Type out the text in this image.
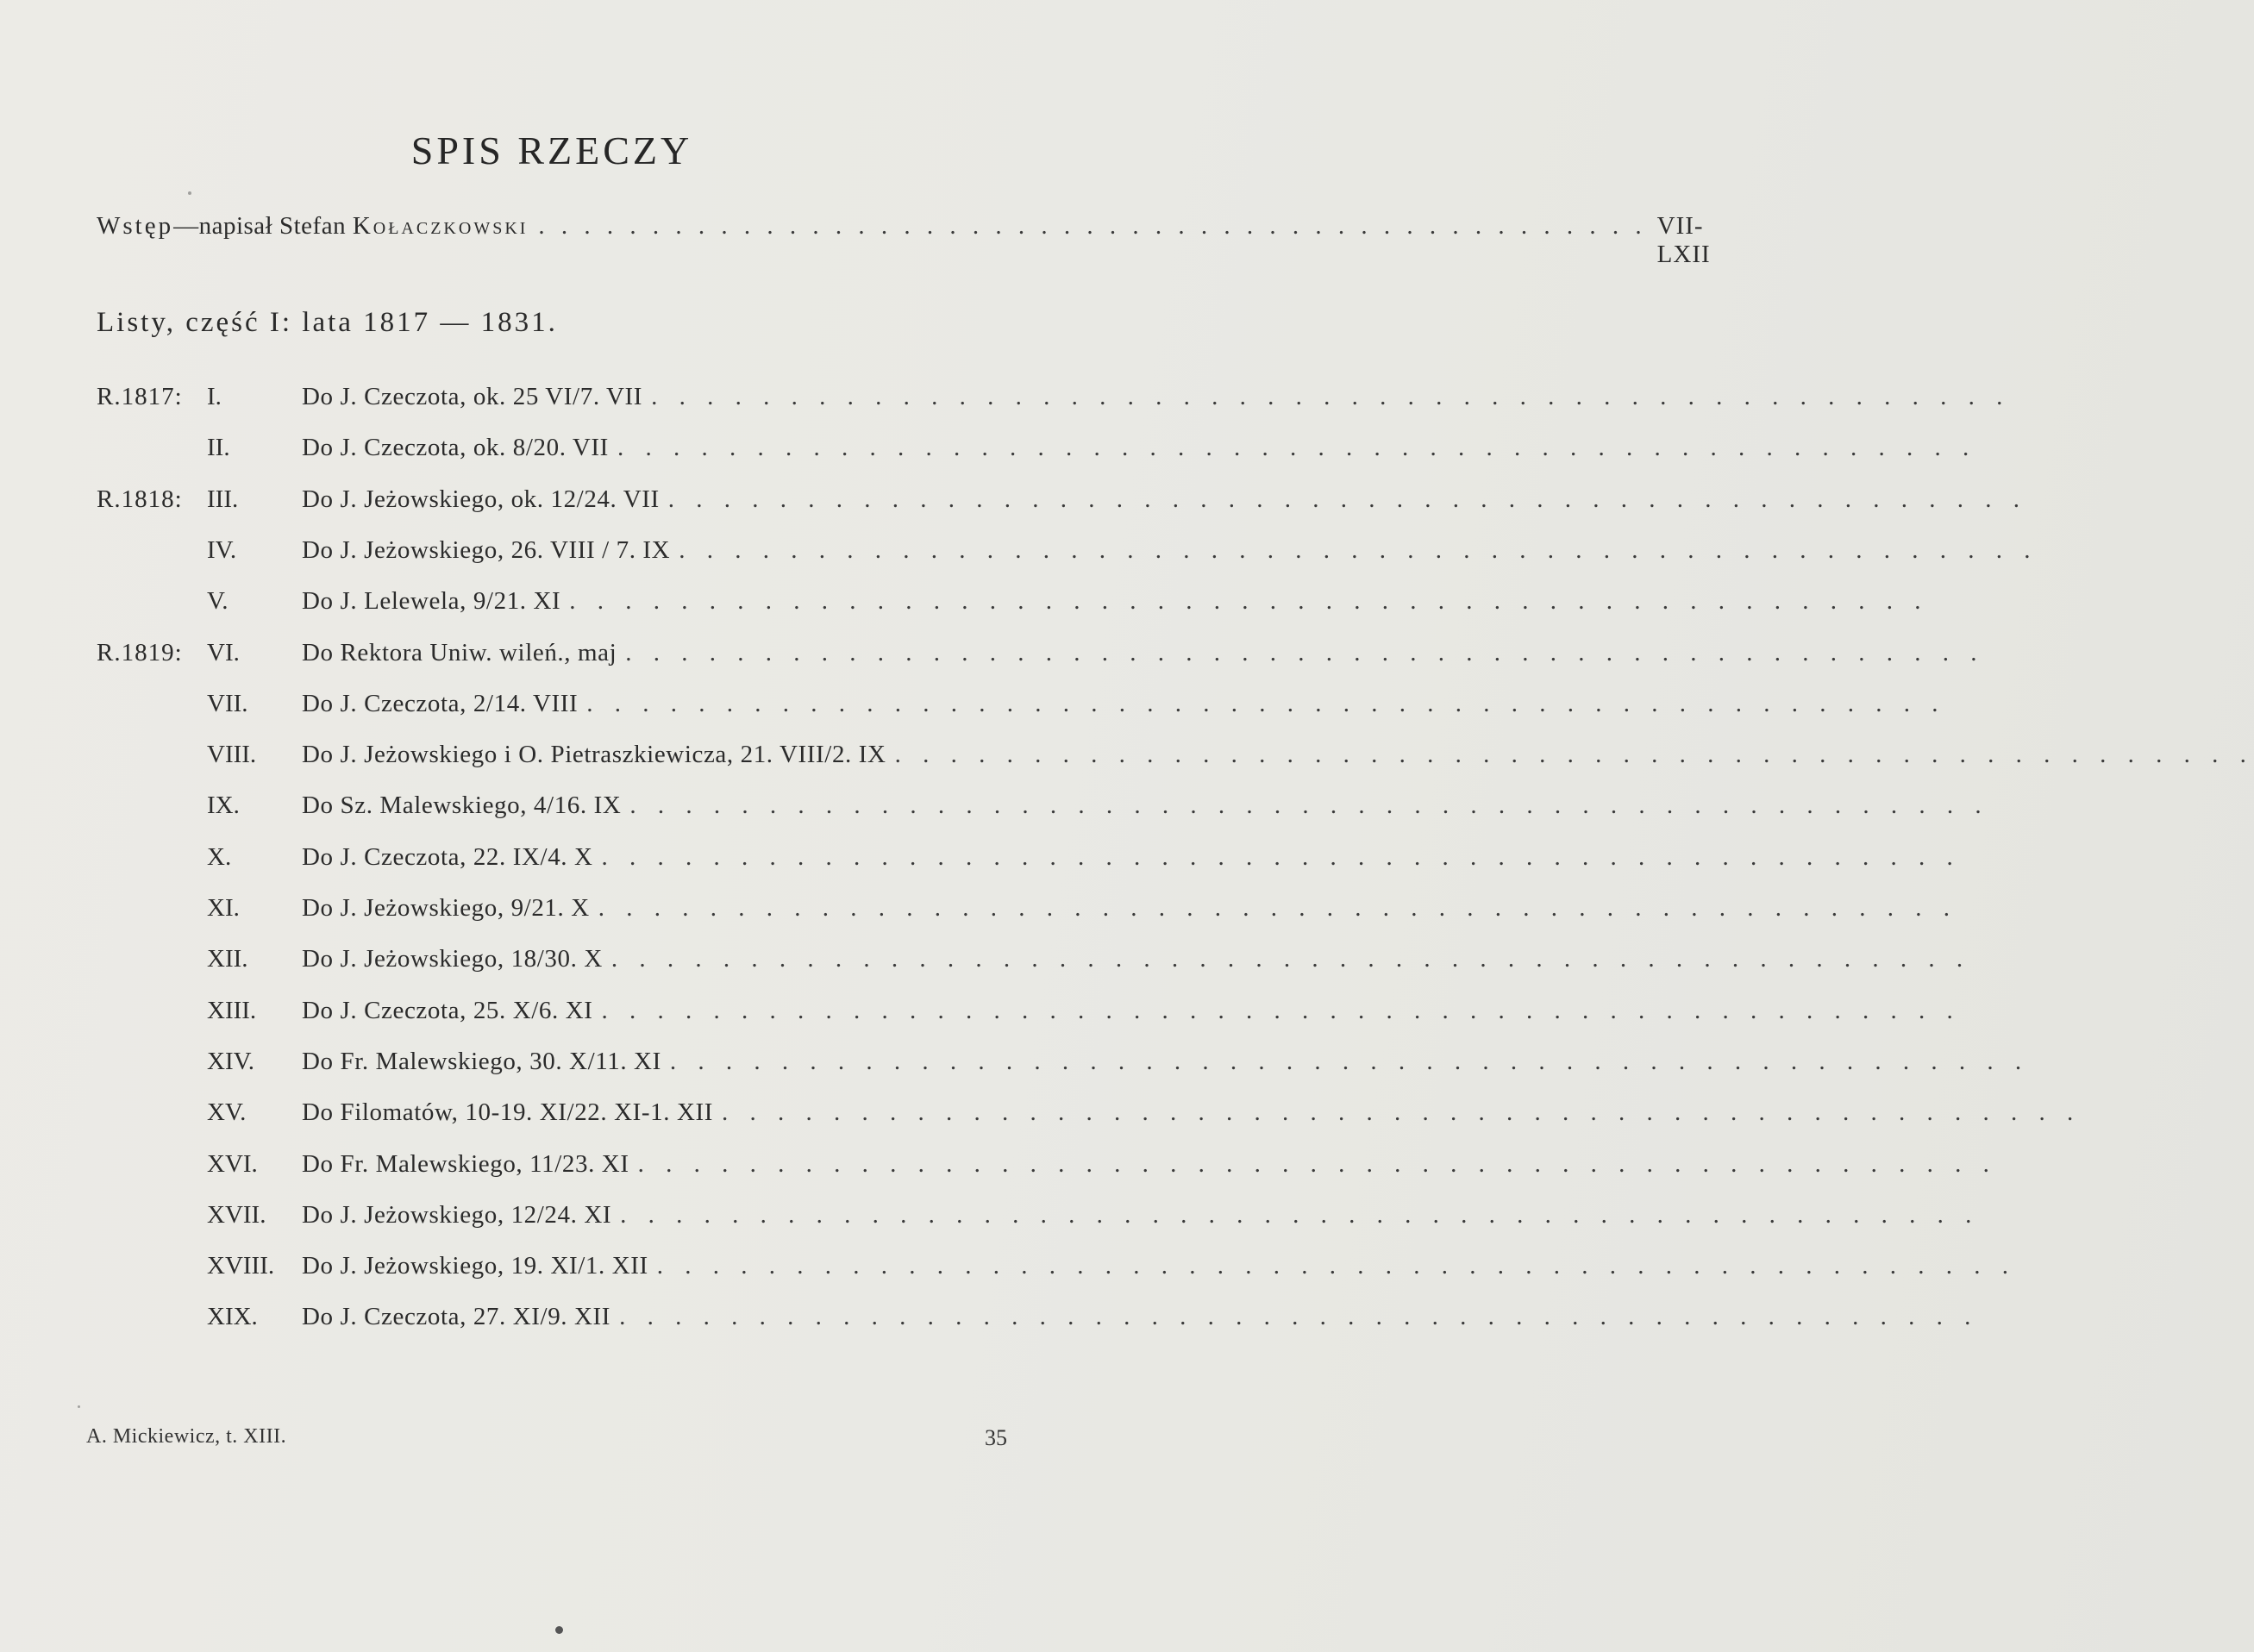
SPIS RZECZY
Wstęp —napisał Stefan Kołaczkowski . . . . . . . . . . . . . . . . . . . . . . . . . . . . . . . . . . . . . . . . . . . . . . . . . VII-LXII
Listy, część I: lata 1817 — 1831.
R.1817: I.	Do J. Czeczota, ok. 25 VI/7. VII . . . . . . . . . . . . . . . . . . . . . . . . . . . . . . . . . . . . . . . . . . . . . . . . .
II.	Do J. Czeczota, ok. 8/20. VII . . . . . . . . . . . . . . . . . . . . . . . . . . . . . . . . . . . . . . . . . . . . . . . . .
R.1818: III.	Do J. Jeżowskiego, ok. 12/24. VII . . . . . . . . . . . . . . . . . . . . . . . . . . . . . . . . . . . . . . . . . . . . . . . . .
IV.	Do J. Jeżowskiego, 26. VIII / 7. IX . . . . . . . . . . . . . . . . . . . . . . . . . . . . . . . . . . . . . . . . . . . . . . . . .
V.	Do J. Lelewela, 9/21. XI . . . . . . . . . . . . . . . . . . . . . . . . . . . . . . . . . . . . . . . . . . . . . . . . .
R.1819: VI. Do Rektora Uniw. wileń., maj . . . . . . . . . . . . . . . . . . . . . . . . . . . . . . . . . . . . . . . . . . . . . . . . .
VII. Do J. Czeczota, 2/14. VIII . . . . . . . . . . . . . . . . . . . . . . . . . . . . . . . . . . . . . . . . . . . . . . . . .
VIII. Do J. Jeżowskiego i O. Pietraszkiewicza, 21. VIII/2. IX . . . . . . . . . . . . . . . . . . . . . . . . . . . . . . . . . . . . . . . . . . . . . . . . .
IX. Do Sz. Malewskiego, 4/16. IX . . . . . . . . . . . . . . . . . . . . . . . . . . . . . . . . . . . . . . . . . . . . . . . . .
X.	Do J. Czeczota, 22. IX/4. X . . . . . . . . . . . . . . . . . . . . . . . . . . . . . . . . . . . . . . . . . . . . . . . . .
XI. Do J. Jeżowskiego, 9/21. X . . . . . . . . . . . . . . . . . . . . . . . . . . . . . . . . . . . . . . . . . . . . . . . . .
XII. Do J. Jeżowskiego, 18/30. X . . . . . . . . . . . . . . . . . . . . . . . . . . . . . . . . . . . . . . . . . . . . . . . . .
XIII. Do J. Czeczota, 25. X/6. XI . . . . . . . . . . . . . . . . . . . . . . . . . . . . . . . . . . . . . . . . . . . . . . . . .
XIV. Do Fr. Malewskiego, 30. X/11. XI . . . . . . . . . . . . . . . . . . . . . . . . . . . . . . . . . . . . . . . . . . . . . . . . .
XV. Do Filomatów, 10-19. XI/22. XI-1. XII . . . . . . . . . . . . . . . . . . . . . . . . . . . . . . . . . . . . . . . . . . . . . . . . .
XVI. Do Fr. Malewskiego, 11/23. XI . . . . . . . . . . . . . . . . . . . . . . . . . . . . . . . . . . . . . . . . . . . . . . . . .
XVII. Do J. Jeżowskiego, 12/24. XI . . . . . . . . . . . . . . . . . . . . . . . . . . . . . . . . . . . . . . . . . . . . . . . . .
XVIII. Do J. Jeżowskiego, 19. XI/1. XII . . . . . . . . . . . . . . . . . . . . . . . . . . . . . . . . . . . . . . . . . . . . . . . . .
XIX. Do J. Czeczota, 27. XI/9. XII . . . . . . . . . . . . . . . . . . . . . . . . . . . . . . . . . . . . . . . . . . . . . . . . .
A. Mickiewicz, t. XIII.	35
